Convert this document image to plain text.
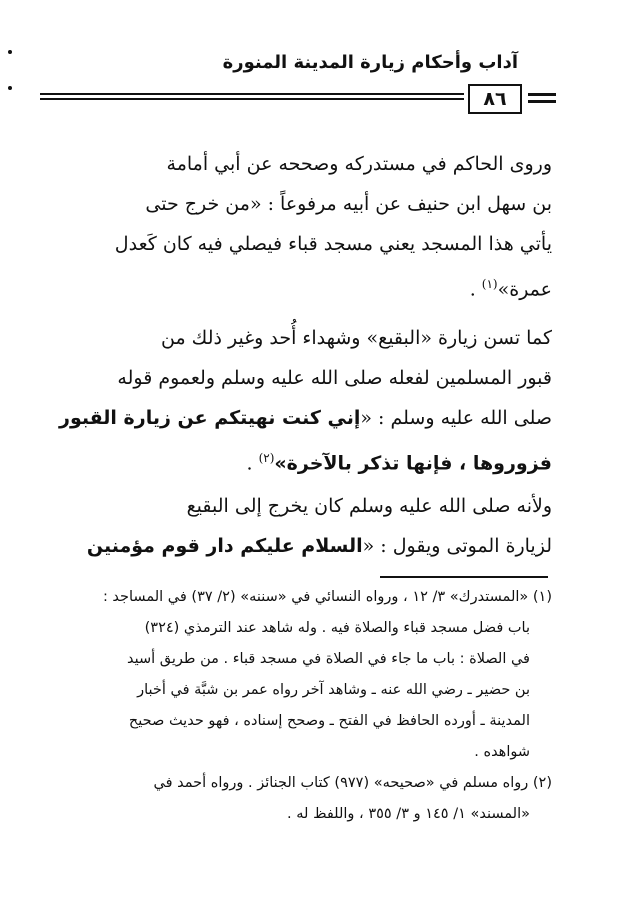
آداب وأحكام زيارة المدينة المنورة
٨٦
وروى الحاكم في مستدركه وصححه عن أبي أمامة
بن سهل ابن حنيف عن أبيه مرفوعاً : «من خرج حتى
يأتي هذا المسجد يعني مسجد قباء فيصلي فيه كان كَعدل
عمرة»$^{(١)}$ .
كما تسن زيارة «البقيع» وشهداء أُحد وغير ذلك من
قبور المسلمين لفعله صلى الله عليه وسلم ولعموم قوله
صلى الله عليه وسلم : «إني كنت نهيتكم عن زيارة القبور
فزوروها ، فإنها تذكر بالآخرة»$^{(٢)}$ .
ولأنه صلى الله عليه وسلم كان يخرج إلى البقيع
لزيارة الموتى ويقول : «السلام عليكم دار قوم مؤمنين
(١) «المستدرك» ٣/ ١٢ ، ورواه النسائي في «سننه» (٢/ ٣٧) في المساجد :
باب فضل مسجد قباء والصلاة فيه . وله شاهد عند الترمذي (٣٢٤)
في الصلاة : باب ما جاء في الصلاة في مسجد قباء . من طريق أسيد
بن حضير ـ رضي الله عنه ـ وشاهد آخر رواه عمر بن شبَّة في أخبار
المدينة ـ أورده الحافظ في الفتح ـ وصحح إسناده ، فهو حديث صحيح
شواهده .
(٢) رواه مسلم في «صحيحه» (٩٧٧) كتاب الجنائز . ورواه أحمد في
«المسند» ١/ ١٤٥ و ٣/ ٣٥٥ ، واللفظ له .
